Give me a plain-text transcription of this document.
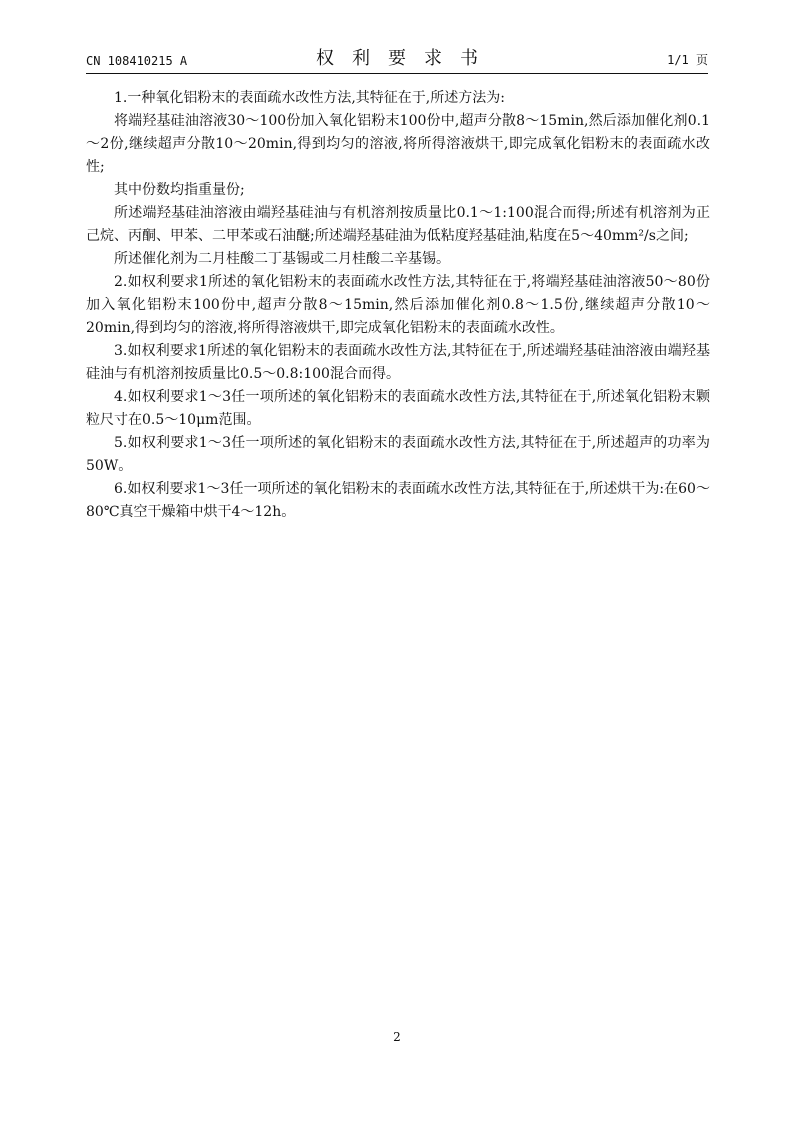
CN 108410215 A	权利要求书	1/1 页

1.一种氧化铝粉末的表面疏水改性方法,其特征在于,所述方法为:

将端羟基硅油溶液30～100份加入氧化铝粉末100份中,超声分散8～15min,然后添加催化剂0.1～2份,继续超声分散10～20min,得到均匀的溶液,将所得溶液烘干,即完成氧化铝粉末的表面疏水改性;

其中份数均指重量份;

所述端羟基硅油溶液由端羟基硅油与有机溶剂按质量比0.1～1:100混合而得;所述有机溶剂为正己烷、丙酮、甲苯、二甲苯或石油醚;所述端羟基硅油为低粘度羟基硅油,粘度在5～40mm²/s之间;

所述催化剂为二月桂酸二丁基锡或二月桂酸二辛基锡。

2.如权利要求1所述的氧化铝粉末的表面疏水改性方法,其特征在于,将端羟基硅油溶液50～80份加入氧化铝粉末100份中,超声分散8～15min,然后添加催化剂0.8～1.5份,继续超声分散10～20min,得到均匀的溶液,将所得溶液烘干,即完成氧化铝粉末的表面疏水改性。

3.如权利要求1所述的氧化铝粉末的表面疏水改性方法,其特征在于,所述端羟基硅油溶液由端羟基硅油与有机溶剂按质量比0.5～0.8:100混合而得。

4.如权利要求1～3任一项所述的氧化铝粉末的表面疏水改性方法,其特征在于,所述氧化铝粉末颗粒尺寸在0.5～10μm范围。

5.如权利要求1～3任一项所述的氧化铝粉末的表面疏水改性方法,其特征在于,所述超声的功率为50W。

6.如权利要求1～3任一项所述的氧化铝粉末的表面疏水改性方法,其特征在于,所述烘干为:在60～80℃真空干燥箱中烘干4～12h。

2
